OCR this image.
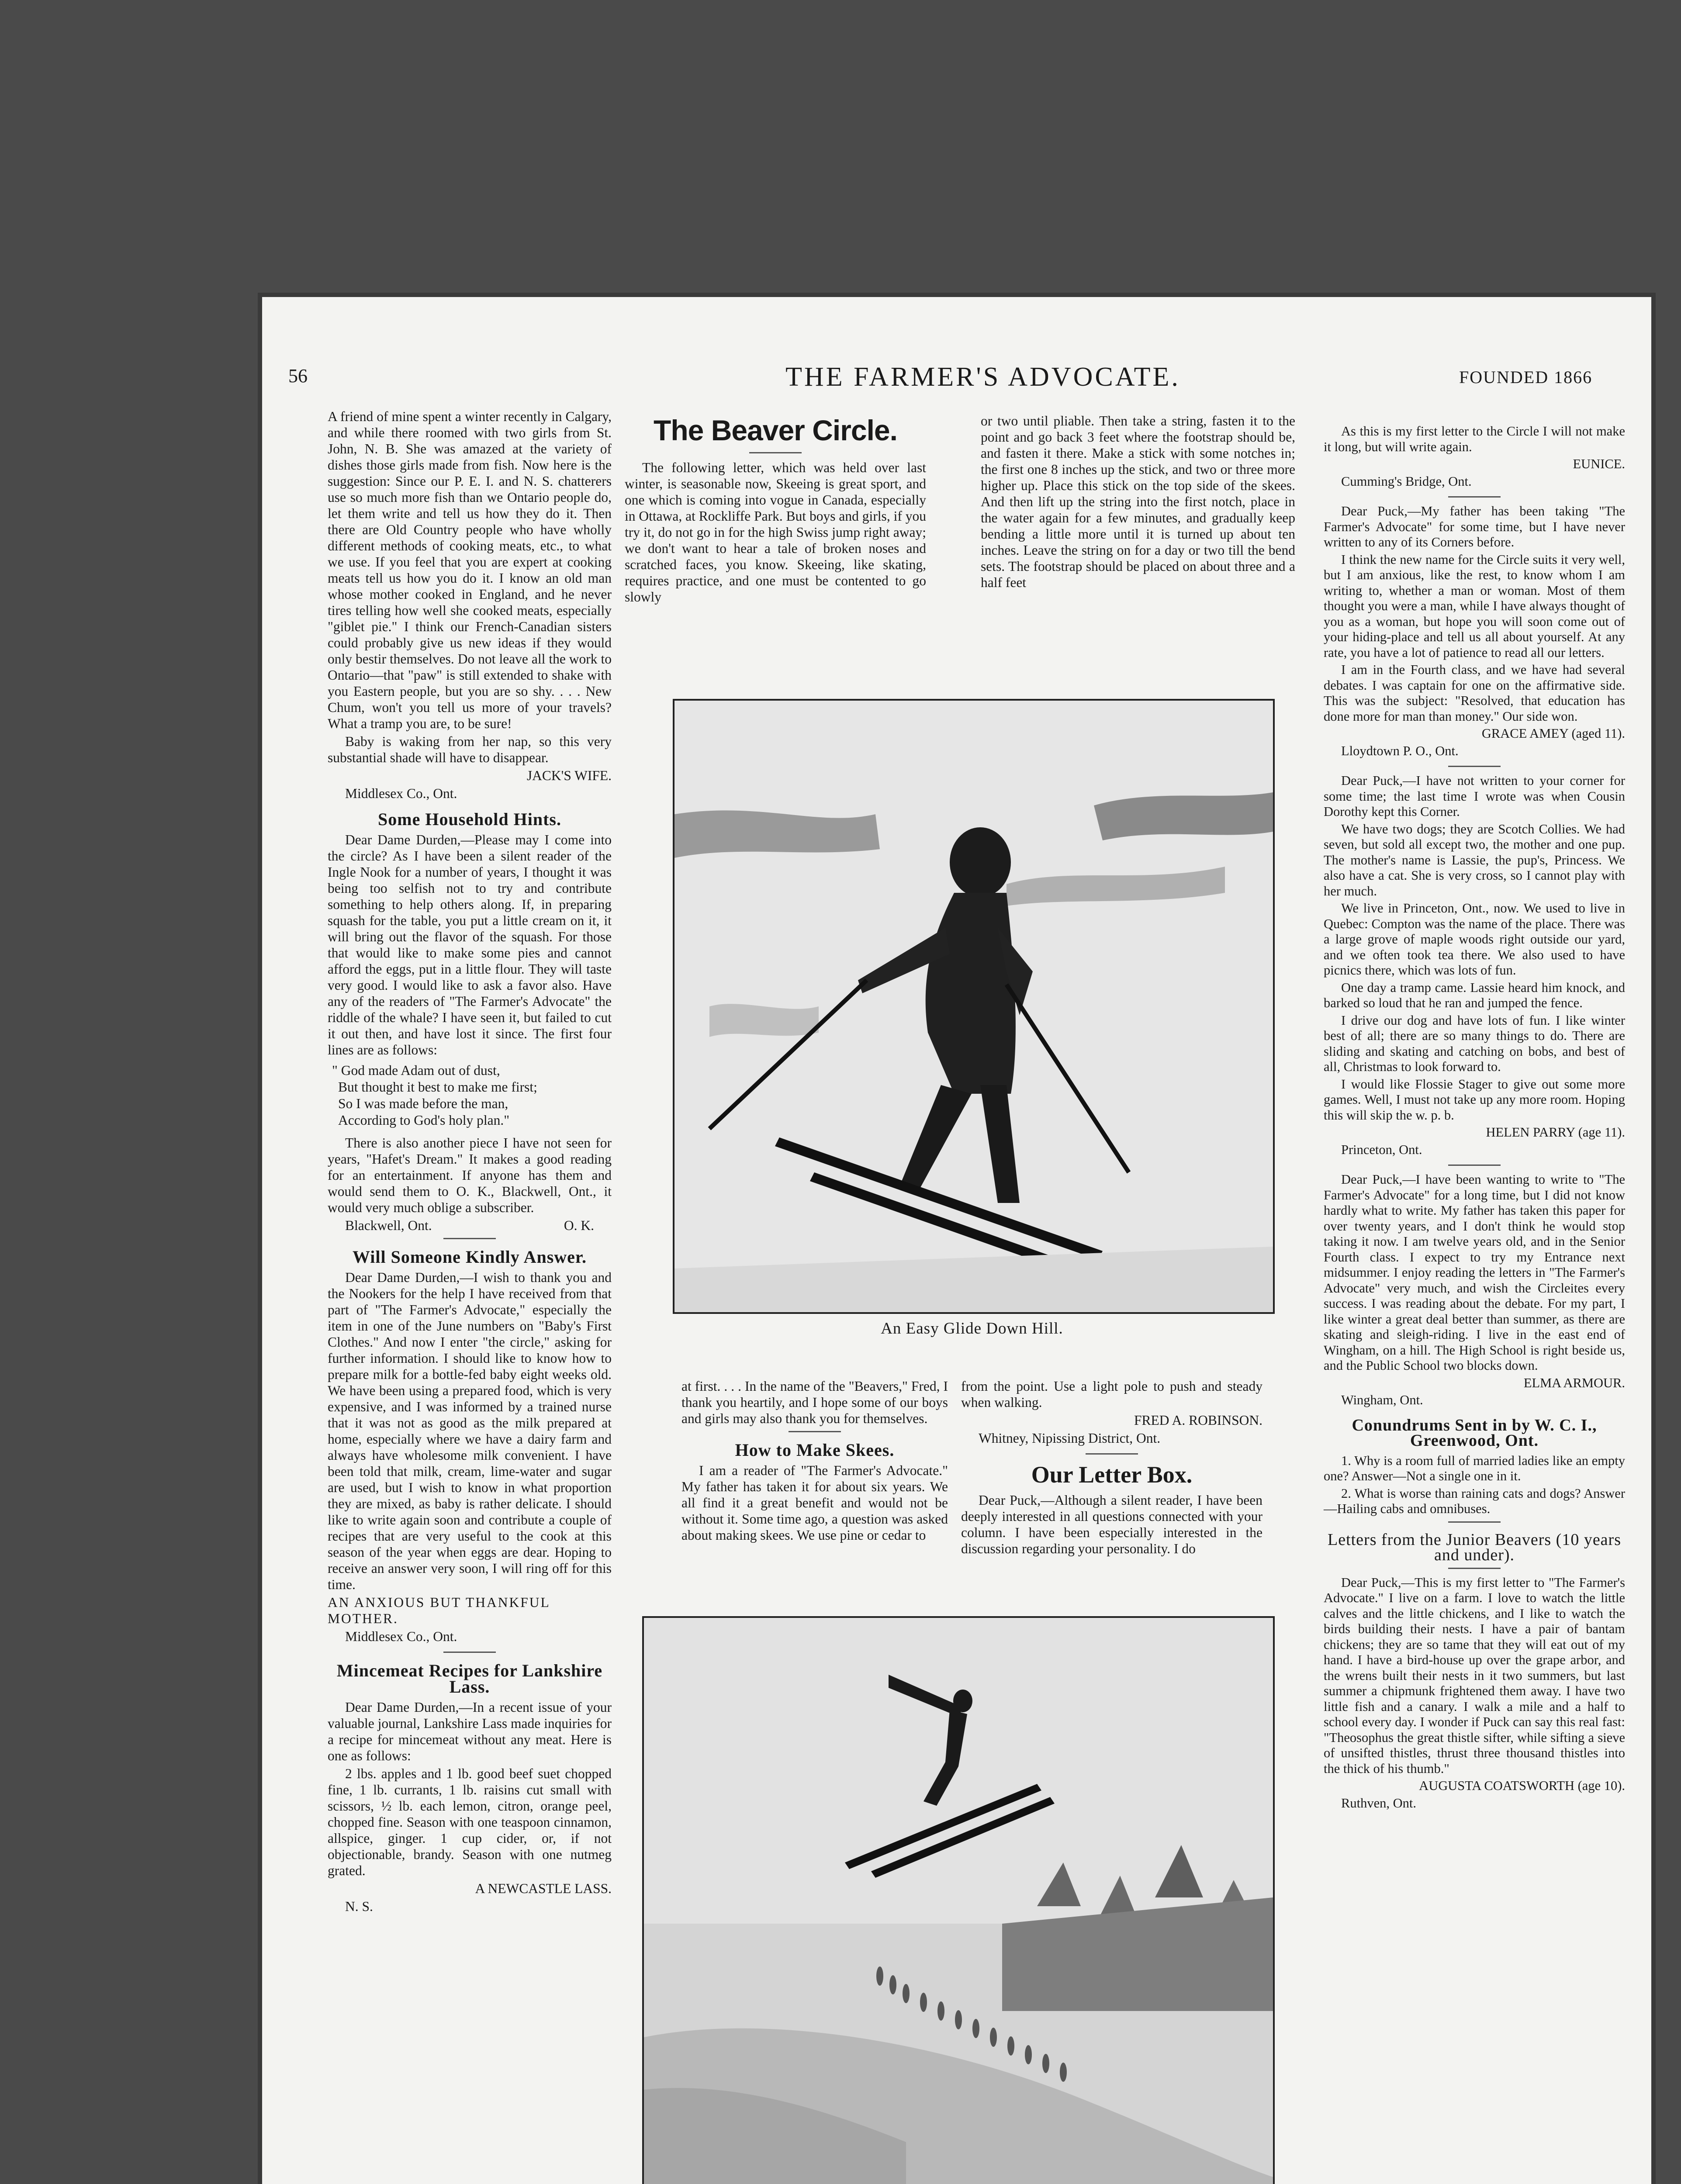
56	THE FARMER'S ADVOCATE.	FOUNDED 1866

A friend of mine spent a winter recently in Calgary, and while there roomed with two girls from St. John, N. B. She was amazed at the variety of dishes those girls made from fish. Now here is the suggestion: Since our P. E. I. and N. S. chatterers use so much more fish than we Ontario people do, let them write and tell us how they do it. Then there are Old Country people who have wholly different methods of cooking meats, etc., to what we use. If you feel that you are expert at cooking meats tell us how you do it. I know an old man whose mother cooked in England, and he never tires telling how well she cooked meats, especially "giblet pie." I think our French-Canadian sisters could probably give us new ideas if they would only bestir themselves. Do not leave all the work to Ontario—that "paw" is still extended to shake with you Eastern people, but you are so shy. . . . New Chum, won't you tell us more of your travels? What a tramp you are, to be sure!

Baby is waking from her nap, so this very substantial shade will have to disappear.

JACK'S WIFE.
Middlesex Co., Ont.
Some Household Hints.

Dear Dame Durden,—Please may I come into the circle? As I have been a silent reader of the Ingle Nook for a number of years, I thought it was being too selfish not to try and contribute something to help others along. If, in preparing squash for the table, you put a little cream on it, it will bring out the flavor of the squash. For those that would like to make some pies and cannot afford the eggs, put in a little flour. They will taste very good. I would like to ask a favor also. Have any of the readers of "The Farmer's Advocate" the riddle of the whale? I have seen it, but failed to cut it out then, and have lost it since. The first four lines are as follows:

" God made Adam out of dust,
But thought it best to make me first;
So I was made before the man,
According to God's holy plan."

There is also another piece I have not seen for years, "Hafet's Dream." It makes a good reading for an entertainment. If anyone has them and would send them to O. K., Blackwell, Ont., it would very much oblige a subscriber.

Blackwell, Ont.	O. K.
Will Someone Kindly Answer.

Dear Dame Durden,—I wish to thank you and the Nookers for the help I have received from that part of "The Farmer's Advocate," especially the item in one of the June numbers on "Baby's First Clothes." And now I enter "the circle," asking for further information. I should like to know how to prepare milk for a bottle-fed baby eight weeks old. We have been using a prepared food, which is very expensive, and I was informed by a trained nurse that it was not as good as the milk prepared at home, especially where we have a dairy farm and always have wholesome milk convenient. I have been told that milk, cream, lime-water and sugar are used, but I wish to know in what proportion they are mixed, as baby is rather delicate. I should like to write again soon and contribute a couple of recipes that are very useful to the cook at this season of the year when eggs are dear. Hoping to receive an answer very soon, I will ring off for this time.

AN ANXIOUS BUT THANKFUL MOTHER.
Middlesex Co., Ont.
Mincemeat Recipes for Lankshire Lass.

Dear Dame Durden,—In a recent issue of your valuable journal, Lankshire Lass made inquiries for a recipe for mincemeat without any meat. Here is one as follows:

2 lbs. apples and 1 lb. good beef suet chopped fine, 1 lb. currants, 1 lb. raisins cut small with scissors, ½ lb. each lemon, citron, orange peel, chopped fine. Season with one teaspoon cinnamon, allspice, ginger. 1 cup cider, or, if not objectionable, brandy. Season with one nutmeg grated.

A NEWCASTLE LASS.
N. S.
The Beaver Circle.

The following letter, which was held over last winter, is seasonable now, Skeeing is great sport, and one which is coming into vogue in Canada, especially in Ottawa, at Rockliffe Park. But boys and girls, if you try it, do not go in for the high Swiss jump right away; we don't want to hear a tale of broken noses and scratched faces, you know. Skeeing, like skating, requires practice, and one must be contented to go slowly

or two until pliable. Then take a string, fasten it to the point and go back 3 feet where the footstrap should be, and fasten it there. Make a stick with some notches in; the first one 8 inches up the stick, and two or three more higher up. Place this stick on the top side of the skees. And then lift up the string into the first notch, place in the water again for a few minutes, and gradually keep bending a little more until it is turned up about ten inches. Leave the string on for a day or two till the bend sets. The footstrap should be placed on about three and a half feet

An Easy Glide Down Hill.

at first. . . . In the name of the "Beavers," Fred, I thank you heartily, and I hope some of our boys and girls may also thank you for themselves.

How to Make Skees.

I am a reader of "The Farmer's Advocate." My father has taken it for about six years. We all find it a great benefit and would not be without it. Some time ago, a question was asked about making skees. We use pine or cedar to

from the point. Use a light pole to push and steady when walking.

FRED A. ROBINSON.
Whitney, Nipissing District, Ont.
Our Letter Box.

Dear Puck,—Although a silent reader, I have been deeply interested in all questions connected with your column. I have been especially interested in the discussion regarding your personality. I do

As this is my first letter to the Circle I will not make it long, but will write again.

EUNICE.
Cumming's Bridge, Ont.

Dear Puck,—My father has been taking "The Farmer's Advocate" for some time, but I have never written to any of its Corners before.

I think the new name for the Circle suits it very well, but I am anxious, like the rest, to know whom I am writing to, whether a man or woman. Most of them thought you were a man, while I have always thought of you as a woman, but hope you will soon come out of your hiding-place and tell us all about yourself. At any rate, you have a lot of patience to read all our letters.

I am in the Fourth class, and we have had several debates. I was captain for one on the affirmative side. This was the subject: "Resolved, that education has done more for man than money." Our side won.

GRACE AMEY (aged 11).
Lloydtown P. O., Ont.

Dear Puck,—I have not written to your corner for some time; the last time I wrote was when Cousin Dorothy kept this Corner.

We have two dogs; they are Scotch Collies. We had seven, but sold all except two, the mother and one pup. The mother's name is Lassie, the pup's, Princess. We also have a cat. She is very cross, so I cannot play with her much.

We live in Princeton, Ont., now. We used to live in Quebec: Compton was the name of the place. There was a large grove of maple woods right outside our yard, and we often took tea there. We also used to have picnics there, which was lots of fun.

One day a tramp came. Lassie heard him knock, and barked so loud that he ran and jumped the fence.

I drive our dog and have lots of fun. I like winter best of all; there are so many things to do. There are sliding and skating and catching on bobs, and best of all, Christmas to look forward to.

I would like Flossie Stager to give out some more games. Well, I must not take up any more room. Hoping this will skip the w. p. b.

HELEN PARRY (age 11).
Princeton, Ont.

Dear Puck,—I have been wanting to write to "The Farmer's Advocate" for a long time, but I did not know hardly what to write. My father has taken this paper for over twenty years, and I don't think he would stop taking it now. I am twelve years old, and in the Senior Fourth class. I expect to try my Entrance next midsummer. I enjoy reading the letters in "The Farmer's Advocate" very much, and wish the Circleites every success. I was reading about the debate. For my part, I like winter a great deal better than summer, as there are skating and sleigh-riding. I live in the east end of Wingham, on a hill. The High School is right beside us, and the Public School two blocks down.

ELMA ARMOUR.
Wingham, Ont.
Conundrums Sent in by W. C. I., Greenwood, Ont.

1. Why is a room full of married ladies like an empty one? Answer—Not a single one in it.

2. What is worse than raining cats and dogs? Answer—Hailing cabs and omnibuses.

Letters from the Junior Beavers (10 years and under).

Dear Puck,—This is my first letter to "The Farmer's Advocate." I live on a farm. I love to watch the little calves and the little chickens, and I like to watch the birds building their nests. I have a pair of bantam chickens; they are so tame that they will eat out of my hand. I have a bird-house up over the grape arbor, and the wrens built their nests in it two summers, but last summer a chipmunk frightened them away. I have two little fish and a canary. I walk a mile and a half to school every day. I wonder if Puck can say this real fast: "Theosophus the great thistle sifter, while sifting a sieve of unsifted thistles, thrust three thousand thistles into the thick of his thumb."

AUGUSTA COATSWORTH (age 10).
Ruthven, Ont.
